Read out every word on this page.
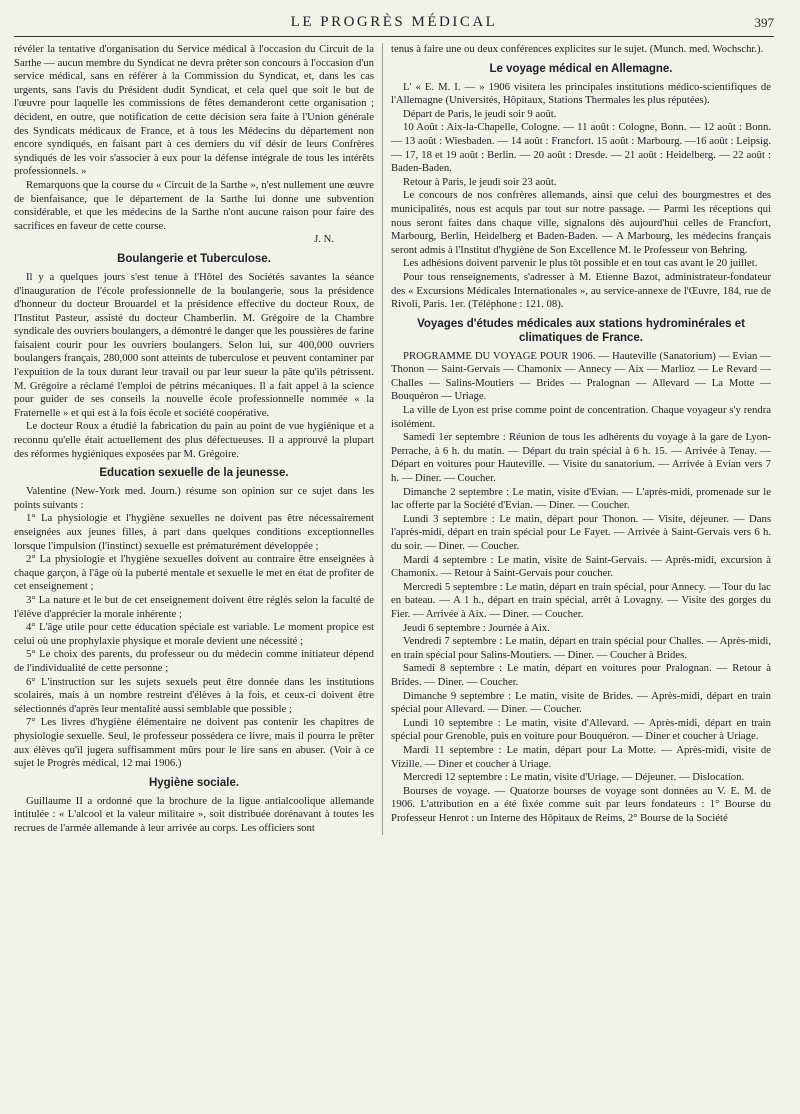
LE PROGRÈS MÉDICAL	397

révéler la tentative d'organisation du Service médical à l'occasion du Circuit de la Sarthe — aucun membre du Syndicat ne devra prêter son concours à l'occasion d'un service médical, sans en référer à la Commission du Syndicat, et, dans les cas urgents, sans l'avis du Président dudit Syndicat, et cela quel que soit le but de l'œuvre pour laquelle les commissions de fêtes demanderont cette organisation ; décident, en outre, que notification de cette décision sera faite à l'Union générale des Syndicats médicaux de France, et à tous les Médecins du département non encore syndiqués, en faisant part à ces derniers du vif désir de leurs Confrères syndiqués de les voir s'associer à eux pour la défense intégrale de tous les intérêts professionnels. »

Remarquons que la course du « Circuit de la Sarthe », n'est nullement une œuvre de bienfaisance, que le département de la Sarthe lui donne une subvention considérable, et que les médecins de la Sarthe n'ont aucune raison pour faire des sacrifices en faveur de cette course.

J. N.

Boulangerie et Tuberculose.

Il y a quelques jours s'est tenue à l'Hôtel des Sociétés savantes la séance d'inauguration de l'école professionnelle de la boulangerie, sous la présidence d'honneur du docteur Brouardel et la présidence effective du docteur Roux, de l'Institut Pasteur, assisté du docteur Chamberlin. M. Grégoire de la Chambre syndicale des ouvriers boulangers, a démontré le danger que les poussières de farine faisaient courir pour les ouvriers boulangers. Selon lui, sur 400,000 ouvriers boulangers français, 280,000 sont atteints de tuberculose et peuvent contaminer par l'expuition de la toux durant leur travail ou par leur sueur la pâte qu'ils pétrissent. M. Grégoire a réclamé l'emploi de pétrins mécaniques. Il a fait appel à la science pour guider de ses conseils la nouvelle école professionnelle nommée « la Fraternelle » et qui est à la fois école et société coopérative.

Le docteur Roux a étudié la fabrication du pain au point de vue hygiénique et a reconnu qu'elle était actuellement des plus défectueuses. Il a approuvé la plupart des réformes hygiéniques exposées par M. Grégoire.

Education sexuelle de la jeunesse.

Valentine (New-York med. Journ.) résume son opinion sur ce sujet dans les points suivants :

1° La physiologie et l'hygiène sexuelles ne doivent pas être nécessairement enseignées aux jeunes filles, à part dans quelques conditions exceptionnelles lorsque l'impulsion (l'instinct) sexuelle est prématurément développée ;

2° La physiologie et l'hygiène sexuelles doivent au contraire être enseignées à chaque garçon, à l'âge où la puberté mentale et sexuelle le met en état de profiter de cet enseignement ;

3° La nature et le but de cet enseignement doivent être réglés selon la faculté de l'élève d'apprécier la morale inhérente ;

4° L'âge utile pour cette éducation spéciale est variable. Le moment propice est celui où une prophylaxie physique et morale devient une nécessité ;

5° Le choix des parents, du professeur ou du médecin comme initiateur dépend de l'individualité de cette personne ;

6° L'instruction sur les sujets sexuels peut être donnée dans les institutions scolaires, mais à un nombre restreint d'élèves à la fois, et ceux-ci doivent être sélectionnés d'après leur mentalité aussi semblable que possible ;

7° Les livres d'hygiène élémentaire ne doivent pas contenir les chapitres de physiologie sexuelle. Seul, le professeur possédera ce livre, mais il pourra le prêter aux élèves qu'il jugera suffisamment mûrs pour le lire sans en abuser. (Voir à ce sujet le Progrès médical, 12 mai 1906.)

Hygiène sociale.

Guillaume II a ordonné que la brochure de la ligue antialcoolique allemande intitulée : « L'alcool et la valeur militaire », soit distribuée dorénavant à toutes les recrues de l'armée allemande à leur arrivée au corps. Les officiers sont

tenus à faire une ou deux conférences explicites sur le sujet. (Munch. med. Wochschr.).

Le voyage médical en Allemagne.

L' « E. M. I. — » 1906 visitera les principales institutions médico-scientifiques de l'Allemagne (Universités, Hôpitaux, Stations Thermales les plus réputées).

Départ de Paris, le jeudi soir 9 août.

10 Août : Aix-la-Chapelle, Cologne. — 11 août : Cologne, Bonn. — 12 août : Bonn. — 13 août : Wiesbaden. — 14 août : Francfort. 15 août : Marbourg. —16 août : Leipsig. — 17, 18 et 19 août : Berlin. — 20 août : Dresde. — 21 août : Heidelberg. — 22 août : Baden-Baden.

Retour à Paris, le jeudi soir 23 août.

Le concours de nos confrères allemands, ainsi que celui des bourgmestres et des municipalités, nous est acquis par tout sur notre passage. — Parmi les réceptions qui nous seront faites dans chaque ville, signalons dès aujourd'hui celles de Francfort, Marbourg, Berlin, Heidelberg et Baden-Baden. — A Marbourg, les médecins français seront admis à l'Institut d'hygiène de Son Excellence M. le Professeur von Behring.

Les adhésions doivent parvenir le plus tôt possible et en tout cas avant le 20 juillet.

Pour tous renseignements, s'adresser à M. Etienne Bazot, administrateur-fondateur des « Excursions Médicales Internationales », au service-annexe de l'Œuvre, 184, rue de Rivoli, Paris. 1er. (Téléphone : 121. 08).

Voyages d'études médicales aux stations hydrominérales et climatiques de France.

PROGRAMME DU VOYAGE POUR 1906. — Hauteville (Sanatorium) — Evian — Thonon — Saint-Gervais — Chamonix — Annecy — Aix — Marlioz — Le Revard — Challes — Salins-Moutiers — Brides — Pralognan — Allevard — La Motte — Bouquéron — Uriage.

La ville de Lyon est prise comme point de concentration. Chaque voyageur s'y rendra isolément.

Samedi 1er septembre : Réunion de tous les adhérents du voyage à la gare de Lyon-Perrache, à 6 h. du matin. — Départ du train spécial à 6 h. 15. — Arrivée à Tenay. — Départ en voitures pour Hauteville. — Visite du sanatorium. — Arrivée à Evian vers 7 h. — Diner. — Coucher.

Dimanche 2 septembre : Le matin, visite d'Evian. — L'après-midi, promenade sur le lac offerte par la Société d'Evian. — Diner. — Coucher.

Lundi 3 septembre : Le matin, départ pour Thonon. — Visite, déjeuner. — Dans l'après-midi, départ en train spécial pour Le Fayet. — Arrivée à Saint-Gervais vers 6 h. du soir. — Diner. — Coucher.

Mardi 4 septembre : Le matin, visite de Saint-Gervais. — Après-midi, excursion à Chamonix. — Retour à Saint-Gervais pour coucher.

Mercredi 5 septembre : Le matin, départ en train spécial, pour Annecy. — Tour du lac en bateau. — A 1 h., départ en train spécial, arrêt à Lovagny. — Visite des gorges du Fier. — Arrivée à Aix. — Diner. — Coucher.

Jeudi 6 septembre : Journée à Aix.

Vendredi 7 septembre : Le matin, départ en train spécial pour Challes. — Après-midi, en train spécial pour Salins-Moutiers. — Diner. — Coucher à Brides.

Samedi 8 septembre : Le matin, départ en voitures pour Pralognan. — Retour à Brides. — Diner. — Coucher.

Dimanche 9 septembre : Le matin, visite de Brides. — Après-midi, départ en train spécial pour Allevard. — Diner. — Coucher.

Lundi 10 septembre : Le matin, visite d'Allevard. — Après-midi, départ en train spécial pour Grenoble, puis en voiture pour Bouquéron. — Diner et coucher à Uriage.

Mardi 11 septembre : Le matin, départ pour La Motte. — Après-midi, visite de Vizille. — Diner et coucher à Uriage.

Mercredi 12 septembre : Le matin, visite d'Uriage. — Déjeuner. — Dislocation.

Bourses de voyage. — Quatorze bourses de voyage sont données au V. E. M. de 1906. L'attribution en a été fixée comme suit par leurs fondateurs : 1° Bourse du Professeur Henrot : un Interne des Hôpitaux de Reims, 2° Bourse de la Société
